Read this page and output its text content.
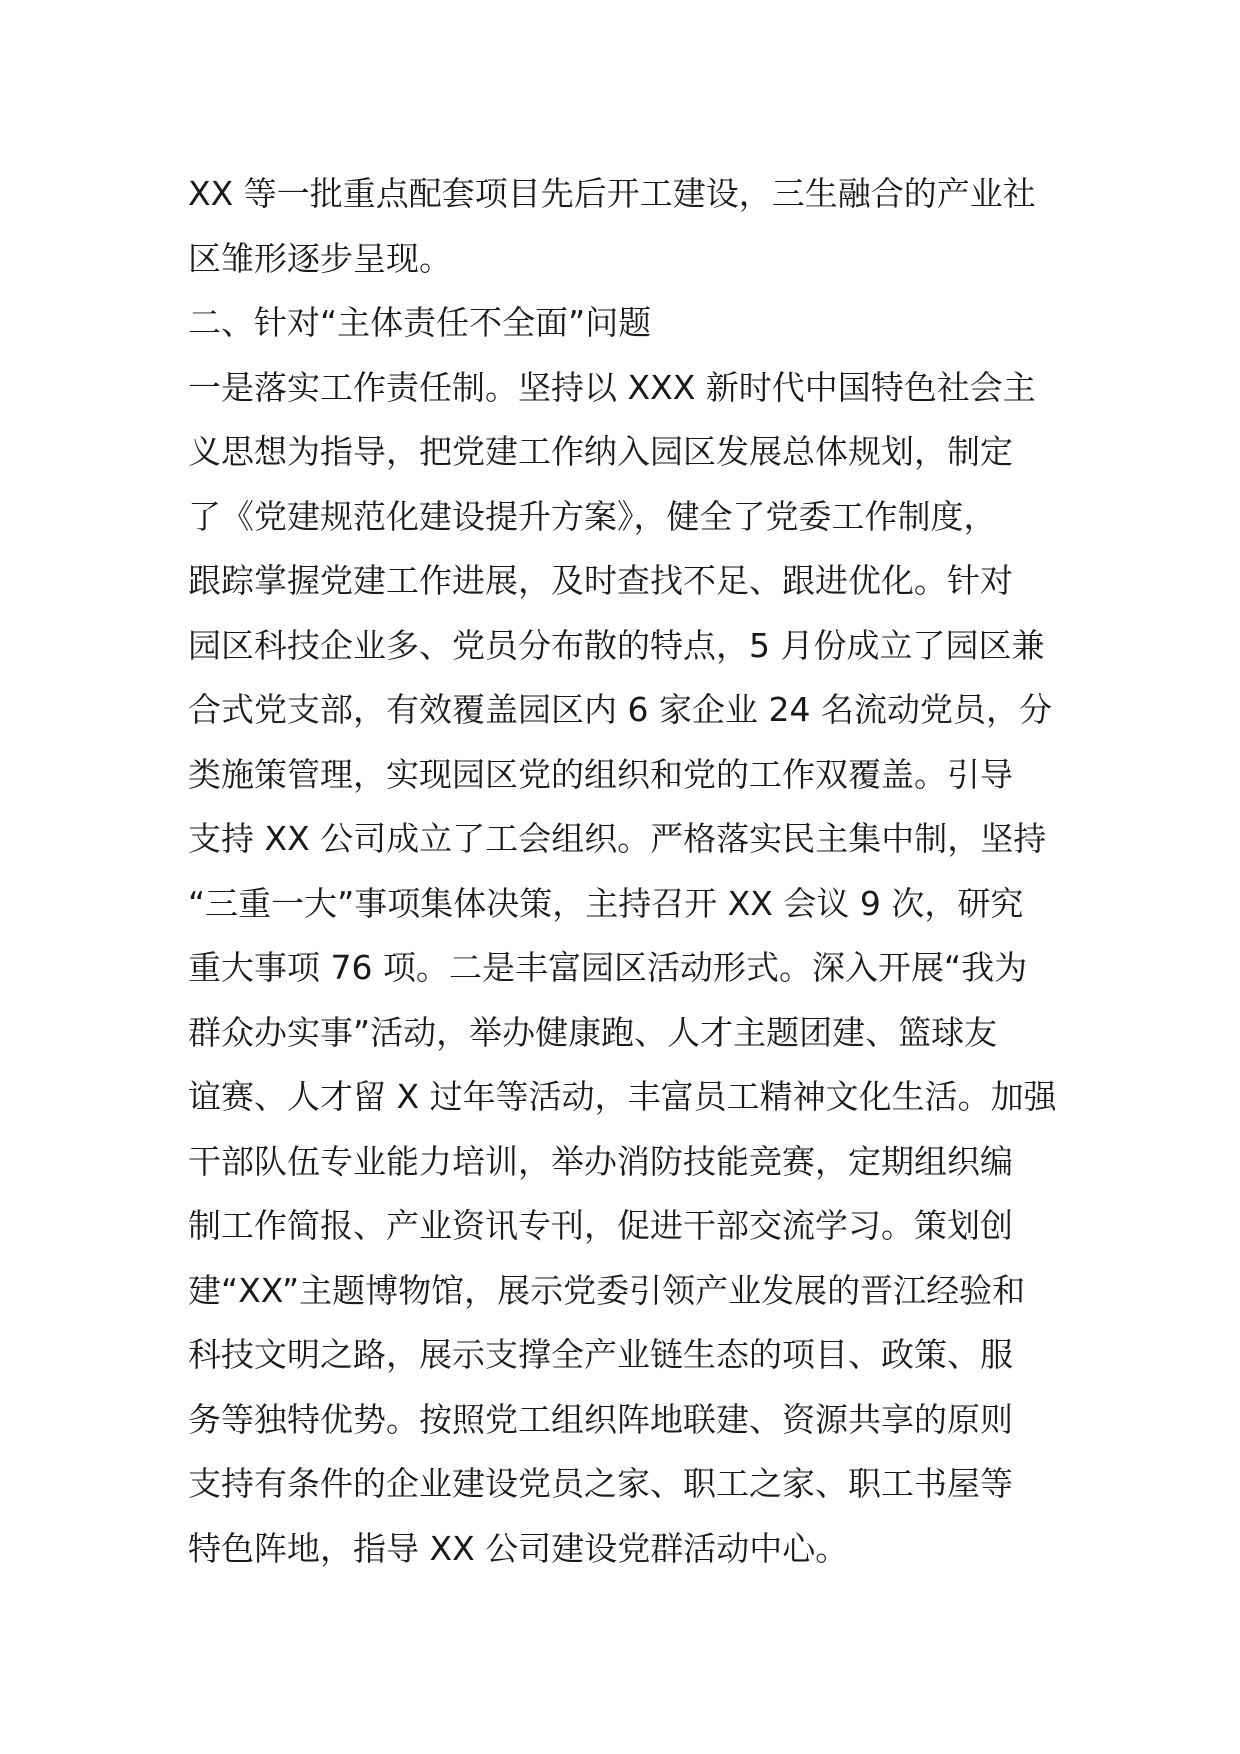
XX 等一批重点配套项目先后开工建设，三生融合的产业社
区雏形逐步呈现。
二、针对“主体责任不全面”问题
一是落实工作责任制。坚持以 XXX 新时代中国特色社会主
义思想为指导，把党建工作纳入园区发展总体规划，制定
了《党建规范化建设提升方案》，健全了党委工作制度，
跟踪掌握党建工作进展，及时查找不足、跟进优化。针对
园区科技企业多、党员分布散的特点，5 月份成立了园区兼
合式党支部，有效覆盖园区内 6 家企业 24 名流动党员，分
类施策管理，实现园区党的组织和党的工作双覆盖。引导
支持 XX 公司成立了工会组织。严格落实民主集中制，坚持
“三重一大”事项集体决策，主持召开 XX 会议 9 次，研究
重大事项 76 项。二是丰富园区活动形式。深入开展“我为
群众办实事”活动，举办健康跑、人才主题团建、篮球友
谊赛、人才留 X 过年等活动，丰富员工精神文化生活。加强
干部队伍专业能力培训，举办消防技能竞赛，定期组织编
制工作简报、产业资讯专刊，促进干部交流学习。策划创
建“XX”主题博物馆，展示党委引领产业发展的晋江经验和
科技文明之路，展示支撑全产业链生态的项目、政策、服
务等独特优势。按照党工组织阵地联建、资源共享的原则
支持有条件的企业建设党员之家、职工之家、职工书屋等
特色阵地，指导 XX 公司建设党群活动中心。
